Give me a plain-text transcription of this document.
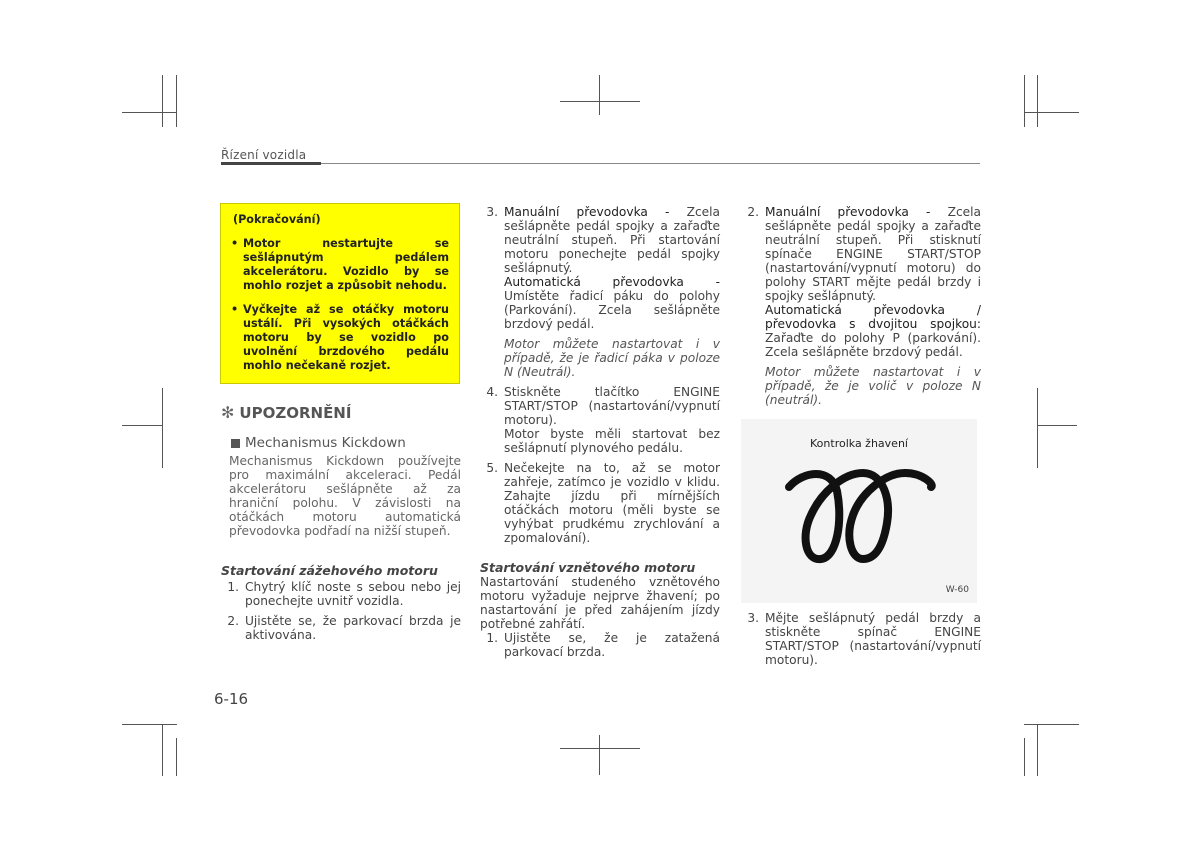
Řízení vozidla
(Pokračování)
• Motor nestartujte se sešlápnutým pedálem akcelerátoru. Vozidlo by se mohlo rozjet a způsobit nehodu.
• Vyčkejte až se otáčky motoru ustálí. Při vysokých otáčkách motoru by se vozidlo po uvolnění brzdového pedálu mohlo nečekaně rozjet.
✻ UPOZORNĚNÍ
Mechanismus Kickdown
Mechanismus Kickdown používejte pro maximální akceleraci. Pedál akcelerátoru sešlápněte až za hraniční polohu. V závislosti na otáčkách motoru automatická převodovka podřadí na nižší stupeň.
Startování zážehového motoru
1. Chytrý klíč noste s sebou nebo jej ponechejte uvnitř vozidla.
2. Ujistěte se, že parkovací brzda je aktivována.
3. Manuální převodovka - Zcela sešlápněte pedál spojky a zařaďte neutrální stupeň. Při startování motoru ponechejte pedál spojky sešlápnutý.
Automatická převodovka - Umístěte řadicí páku do polohy (Parkování). Zcela sešlápněte brzdový pedál.
Motor můžete nastartovat i v případě, že je řadicí páka v poloze N (Neutrál).
4. Stiskněte tlačítko ENGINE START/STOP (nastartování/vypnutí motoru).
Motor byste měli startovat bez sešlápnutí plynového pedálu.
5. Nečekejte na to, až se motor zahřeje, zatímco je vozidlo v klidu. Zahajte jízdu při mírnějších otáčkách motoru (měli byste se vyhýbat prudkému zrychlování a zpomalování).
Startování vznětového motoru
Nastartování studeného vznětového motoru vyžaduje nejprve žhavení; po nastartování je před zahájením jízdy potřebné zahřátí.
1. Ujistěte se, že je zatažená parkovací brzda.
2. Manuální převodovka - Zcela sešlápněte pedál spojky a zařaďte neutrální stupeň. Při stisknutí spínače ENGINE START/STOP (nastartování/vypnutí motoru) do polohy START mějte pedál brzdy i spojky sešlápnutý.
Automatická převodovka / převodovka s dvojitou spojkou: Zařaďte do polohy P (parkování). Zcela sešlápněte brzdový pedál.
Motor můžete nastartovat i v případě, že je volič v poloze N (neutrál).
Kontrolka žhavení
W-60
3. Mějte sešlápnutý pedál brzdy a stiskněte spínač ENGINE START/STOP (nastartování/vypnutí motoru).
6-16
